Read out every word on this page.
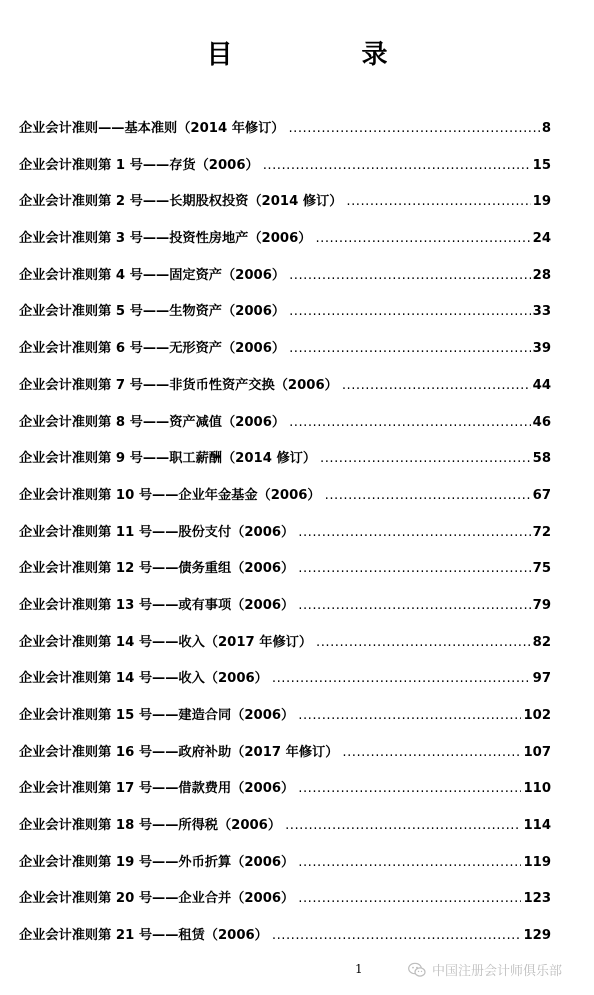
目 录
企业会计准则——基本准则（2014 年修订） .....	8
企业会计准则第 1 号——存货（2006） .....	15
企业会计准则第 2 号——长期股权投资（2014 修订） .....	19
企业会计准则第 3 号——投资性房地产（2006） .....	24
企业会计准则第 4 号——固定资产（2006） .....	28
企业会计准则第 5 号——生物资产（2006） .....	33
企业会计准则第 6 号——无形资产（2006） .....	39
企业会计准则第 7 号——非货币性资产交换（2006） .....	44
企业会计准则第 8 号——资产减值（2006） .....	46
企业会计准则第 9 号——职工薪酬（2014 修订） .....	58
企业会计准则第 10 号——企业年金基金（2006） .....	67
企业会计准则第 11 号——股份支付（2006） .....	72
企业会计准则第 12 号——债务重组（2006） .....	75
企业会计准则第 13 号——或有事项（2006） .....	79
企业会计准则第 14 号——收入（2017 年修订） .....	82
企业会计准则第 14 号——收入（2006） .....	97
企业会计准则第 15 号——建造合同（2006） .....	102
企业会计准则第 16 号——政府补助（2017 年修订） .....	107
企业会计准则第 17 号——借款费用（2006） .....	110
企业会计准则第 18 号——所得税（2006） .....	114
企业会计准则第 19 号——外币折算（2006） .....	119
企业会计准则第 20 号——企业合并（2006） .....	123
企业会计准则第 21 号——租赁（2006） .....	129
1	中国注册会计师俱乐部
